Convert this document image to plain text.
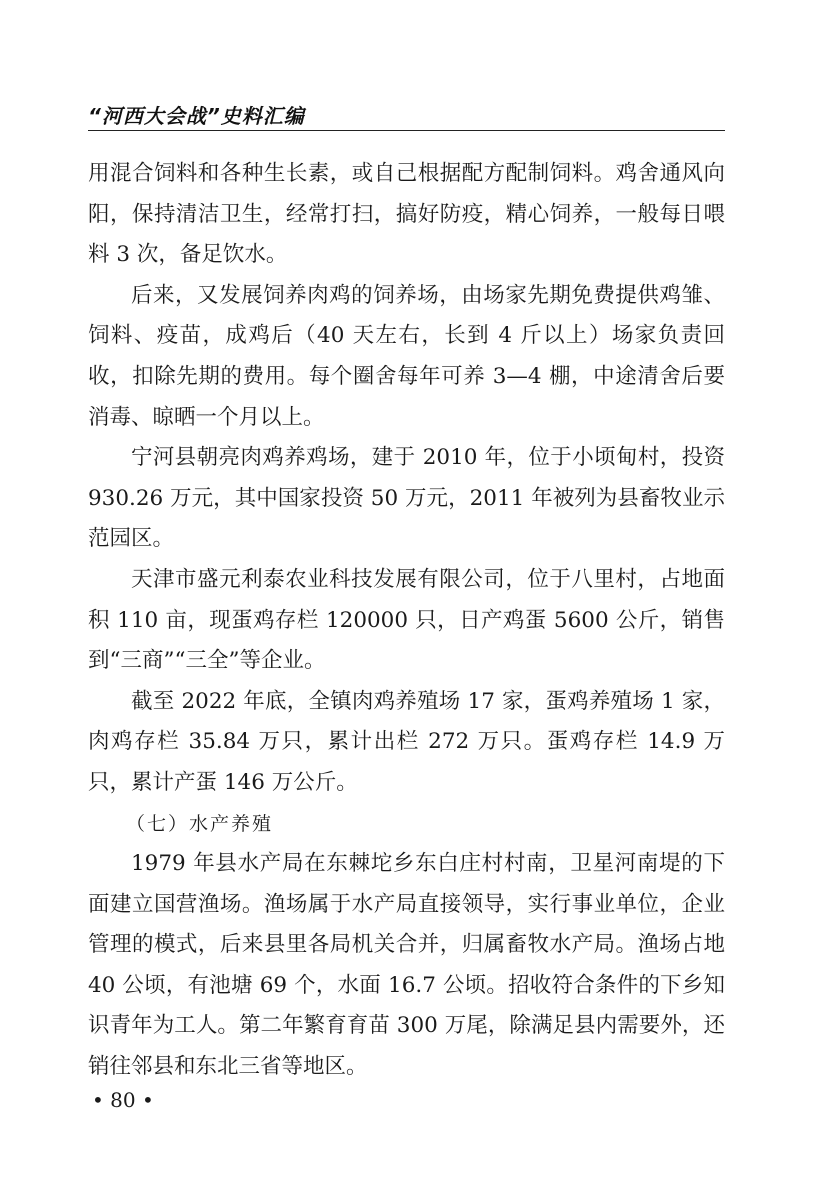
“河西大会战”史料汇编

用混合饲料和各种生长素，或自己根据配方配制饲料。鸡舍通风向阳，保持清洁卫生，经常打扫，搞好防疫，精心饲养，一般每日喂料 3 次，备足饮水。

后来，又发展饲养肉鸡的饲养场，由场家先期免费提供鸡雏、饲料、疫苗，成鸡后（40 天左右，长到 4 斤以上）场家负责回收，扣除先期的费用。每个圈舍每年可养 3—4 棚，中途清舍后要消毒、晾晒一个月以上。

宁河县朝亮肉鸡养鸡场，建于 2010 年，位于小顷甸村，投资 930.26 万元，其中国家投资 50 万元，2011 年被列为县畜牧业示范园区。

天津市盛元利泰农业科技发展有限公司，位于八里村，占地面积 110 亩，现蛋鸡存栏 120000 只，日产鸡蛋 5600 公斤，销售到“三商”“三全”等企业。

截至 2022 年底，全镇肉鸡养殖场 17 家，蛋鸡养殖场 1 家，肉鸡存栏 35.84 万只，累计出栏 272 万只。蛋鸡存栏 14.9 万只，累计产蛋 146 万公斤。

（七）水产养殖

1979 年县水产局在东棘坨乡东白庄村村南，卫星河南堤的下面建立国营渔场。渔场属于水产局直接领导，实行事业单位，企业管理的模式，后来县里各局机关合并，归属畜牧水产局。渔场占地 40 公顷，有池塘 69 个，水面 16.7 公顷。招收符合条件的下乡知识青年为工人。第二年繁育育苗 300 万尾，除满足县内需要外，还销往邻县和东北三省等地区。

• 80 •
